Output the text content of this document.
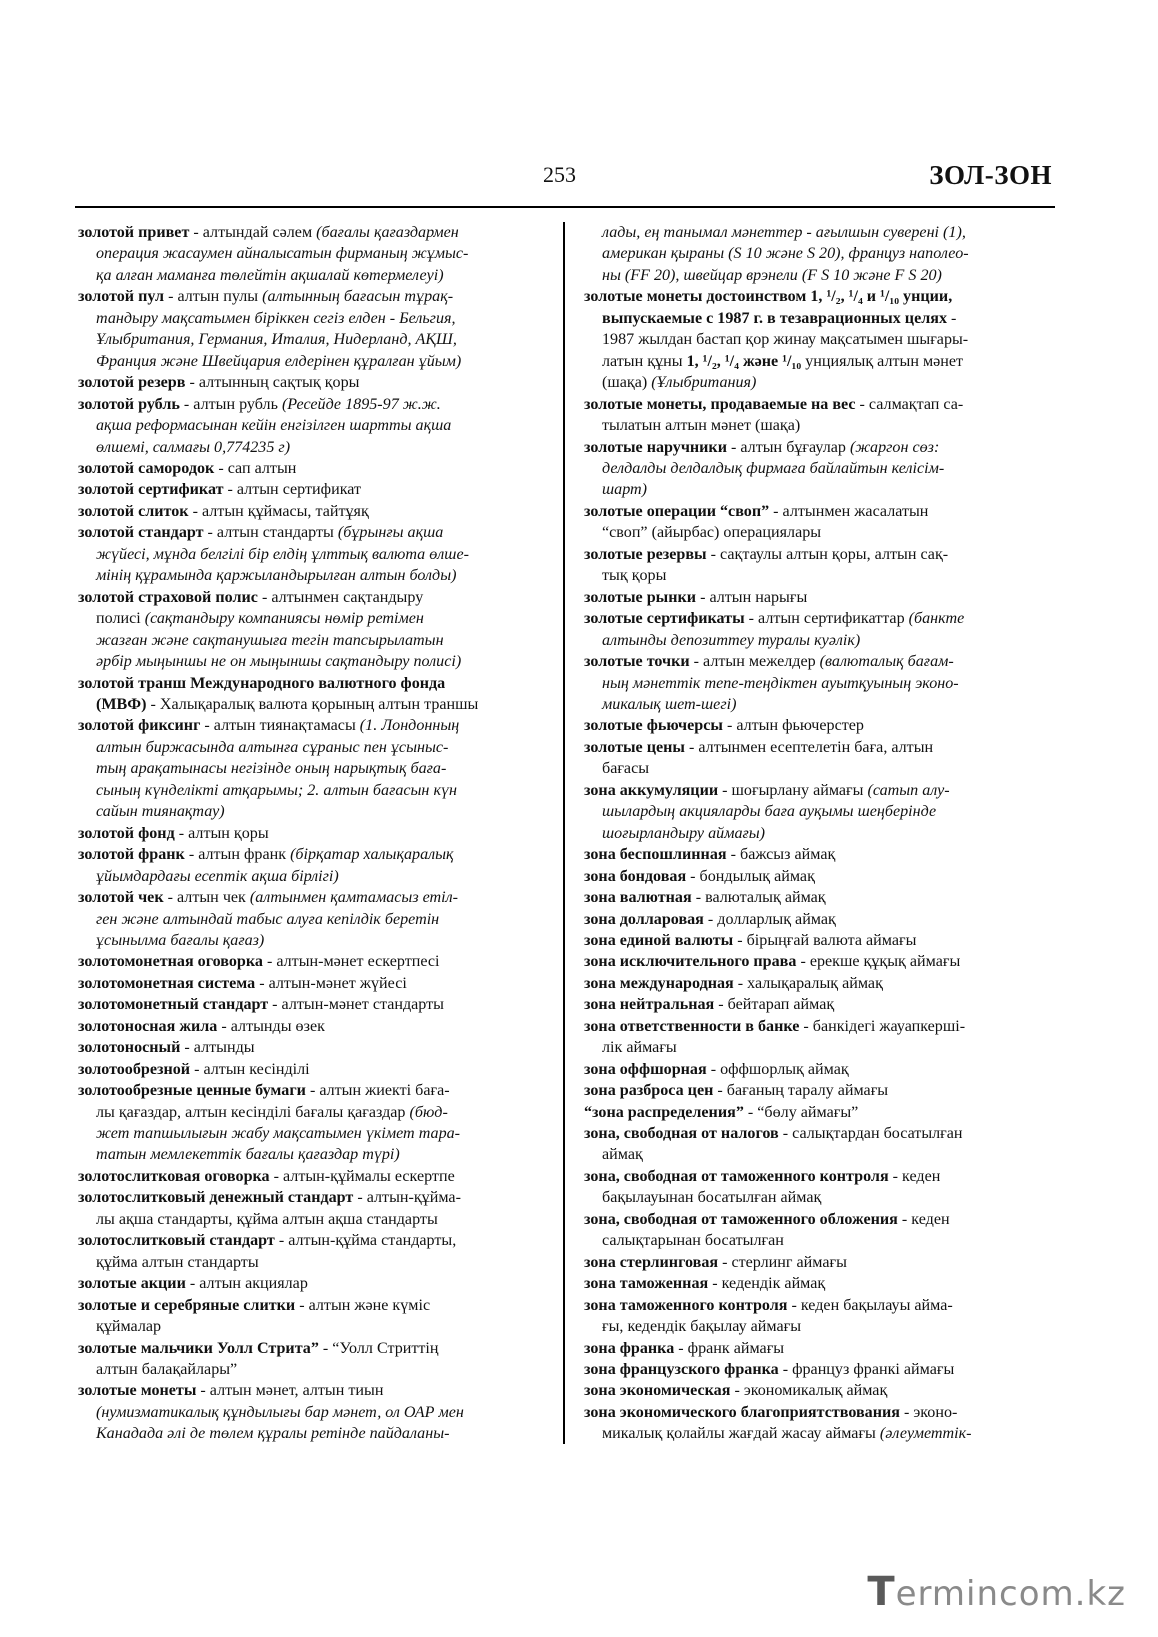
253	ЗОЛ-ЗОН
золотой привет - алтындай сәлем (бағалы қағаздармен
операция жасаумен айналысатын фирманың жұмыс-
қа алған маманға төлейтін ақшалай көтермелеуі)
золотой пул - алтын пулы (алтынның бағасын тұрақ-
тандыру мақсатымен біріккен сегіз елден - Бельгия,
Ұлыбритания, Германия, Италия, Нидерланд, АҚШ,
Франция және Швейцария елдерінен құралған ұйым)
золотой резерв - алтынның сақтық қоры
золотой рубль - алтын рубль (Ресейде 1895-97 ж.ж.
ақша реформасынан кейін енгізілген шартты ақша
өлшемі, салмағы 0,774235 г)
золотой самородок - сап алтын
золотой сертификат - алтын сертификат
золотой слиток - алтын құймасы, тайтұяқ
золотой стандарт - алтын стандарты (бұрынғы ақша
жүйесі, мұнда белгілі бір елдің ұлттық валюта өлше-
мінің құрамында қаржыландырылған алтын болды)
золотой страховой полис - алтынмен сақтандыру
полисі (сақтандыру компаниясы нөмір ретімен
жазған және сақтанушыға тегін тапсырылатын
әрбір мыңыншы не он мыңыншы сақтандыру полисі)
золотой транш Международного валютного фонда
(МВФ) - Халықаралық валюта қорының алтын траншы
золотой фиксинг - алтын тиянақтамасы (1. Лондонның
алтын биржасында алтынға сұраныс пен ұсыныс-
тың арақатынасы негізінде оның нарықтық баға-
сының күнделікті атқарымы; 2. алтын бағасын күн
сайын тиянақтау)
золотой фонд - алтын қоры
золотой франк - алтын франк (бірқатар халықаралық
ұйымдардағы есептік ақша бірлігі)
золотой чек - алтын чек (алтынмен қамтамасыз етіл-
ген және алтындай табыс алуға кепілдік беретін
ұсынылма бағалы қағаз)
золотомонетная оговорка - алтын-мәнет ескертпесі
золотомонетная система - алтын-мәнет жүйесі
золотомонетный стандарт - алтын-мәнет стандарты
золотоносная жила - алтынды өзек
золотоносный - алтынды
золотообрезной - алтын кесінділі
золотообрезные ценные бумаги - алтын жиекті баға-
лы қағаздар, алтын кесінділі бағалы қағаздар (бюд-
жет тапшылығын жабу мақсатымен үкімет тара-
татын мемлекеттік бағалы қағаздар түрі)
золотослитковая оговорка - алтын-құймалы ескертпе
золотослитковый денежный стандарт - алтын-құйма-
лы ақша стандарты, құйма алтын ақша стандарты
золотослитковый стандарт - алтын-құйма стандарты,
құйма алтын стандарты
золотые акции - алтын акциялар
золотые и серебряные слитки - алтын және күміс
құймалар
золотые мальчики Уолл Стрита” - “Уолл Стриттің
алтын балақайлары”
золотые монеты - алтын мәнет, алтын тиын
(нумизматикалық құндылығы бар мәнет, ол ОАР мен
Канадада әлі де төлем құралы ретінде пайдаланы-
лады, ең танымал мәнеттер - ағылшын суверені (1),
американ қыраны (S 10 және S 20), француз наполео-
ны (FF 20), швейцар врэнели (F S 10 және F S 20)
золотые монеты достоинством 1, ¹/₂, ¹/₄ и ¹/₁₀ унции,
выпускаемые с 1987 г. в тезаврационных целях -
1987 жылдан бастап қор жинау мақсатымен шығары-
латын құны 1, ¹/₂, ¹/₄ және ¹/₁₀ унциялық алтын мәнет
(шақа) (Ұлыбритания)
золотые монеты, продаваемые на вес - салмақтап са-
тылатын алтын мәнет (шақа)
золотые наручники - алтын бұғаулар (жаргон сөз:
делдалды делдалдық фирмаға байлайтын келісім-
шарт)
золотые операции “своп” - алтынмен жасалатын
“своп” (айырбас) операциялары
золотые резервы - сақтаулы алтын қоры, алтын сақ-
тық қоры
золотые рынки - алтын нарығы
золотые сертификаты - алтын сертификаттар (банкте
алтынды депозиттеу туралы куәлік)
золотые точки - алтын межелдер (валюталық бағам-
ның мәнеттік тепе-теңдіктен ауытқуының эконо-
микалық шет-шегі)
золотые фьючерсы - алтын фьючерстер
золотые цены - алтынмен есептелетін баға, алтын
бағасы
зона аккумуляции - шоғырлану аймағы (сатып алу-
шылардың акцияларды баға ауқымы шеңберінде
шоғырландыру аймағы)
зона беспошлинная - бажсыз аймақ
зона бондовая - бондылық аймақ
зона валютная - валюталық аймақ
зона долларовая - долларлық аймақ
зона единой валюты - бірыңғай валюта аймағы
зона исключительного права - ерекше құқық аймағы
зона международная - халықаралық аймақ
зона нейтральная - бейтарап аймақ
зона ответственности в банке - банкідегі жауапкерші-
лік аймағы
зона оффшорная - оффшорлық аймақ
зона разброса цен - бағаның таралу аймағы
“зона распределения” - “бөлу аймағы”
зона, свободная от налогов - салықтардан босатылған
аймақ
зона, свободная от таможенного контроля - кеден
бақылауынан босатылған аймақ
зона, свободная от таможенного обложения - кеден
салықтарынан босатылған
зона стерлинговая - стерлинг аймағы
зона таможенная - кедендік аймақ
зона таможенного контроля - кеден бақылауы айма-
ғы, кедендік бақылау аймағы
зона франка - франк аймағы
зона французского франка - француз франкі аймағы
зона экономическая - экономикалық аймақ
зона экономического благоприятствования - эконо-
микалық қолайлы жағдай жасау аймағы (әлеуметтік-
Termincom.kz
